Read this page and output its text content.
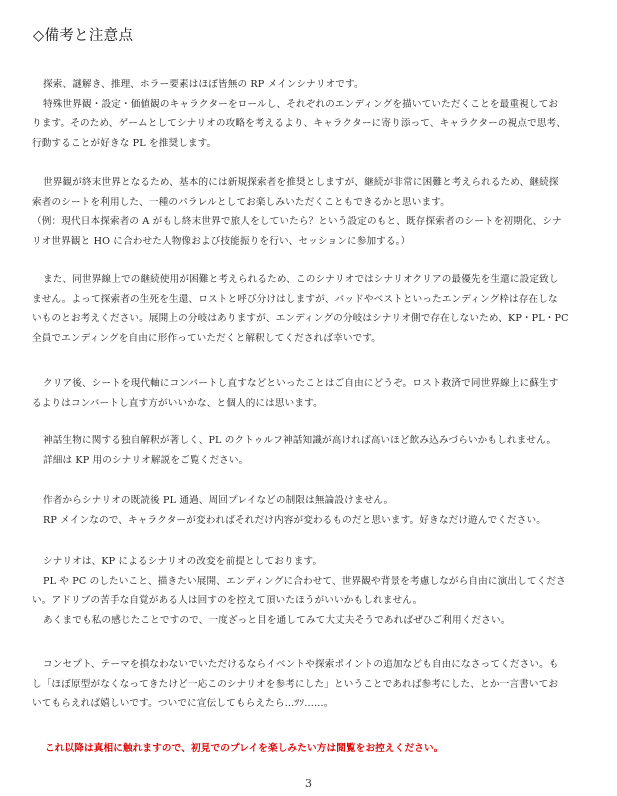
◇備考と注意点

探索、謎解き、推理、ホラー要素はほぼ皆無の RP メインシナリオです。

特殊世界観・設定・価値観のキャラクターをロールし、それぞれのエンディングを描いていただくことを最重視してお

ります。そのため、ゲームとしてシナリオの攻略を考えるより、キャラクターに寄り添って、キャラクターの視点で思考、

行動することが好きな PL を推奨します。

世界観が終末世界となるため、基本的には新規探索者を推奨としますが、継続が非常に困難と考えられるため、継続探

索者のシートを利用した、一種のパラレルとしてお楽しみいただくこともできるかと思います。

（例：現代日本探索者の A がもし終末世界で旅人をしていたら？という設定のもと、既存探索者のシートを初期化、シナ

リオ世界観と HO に合わせた人物像および技能振りを行い、セッションに参加する。）

また、同世界線上での継続使用が困難と考えられるため、このシナリオではシナリオクリアの最優先を生還に設定致し

ません。よって探索者の生死を生還、ロストと呼び分けはしますが、バッドやベストといったエンディング枠は存在しな

いものとお考えください。展開上の分岐はありますが、エンディングの分岐はシナリオ側で存在しないため、KP・PL・PC

全員でエンディングを自由に形作っていただくと解釈してくだされば幸いです。

クリア後、シートを現代軸にコンバートし直すなどといったことはご自由にどうぞ。ロスト救済で同世界線上に蘇生す

るよりはコンバートし直す方がいいかな、と個人的には思います。

神話生物に関する独自解釈が著しく、PL のクトゥルフ神話知識が高ければ高いほど飲み込みづらいかもしれません。

詳細は KP 用のシナリオ解説をご覧ください。

作者からシナリオの既読後 PL 通過、周回プレイなどの制限は無論設けません。

RP メインなので、キャラクターが変わればそれだけ内容が変わるものだと思います。好きなだけ遊んでください。

シナリオは、KP によるシナリオの改変を前提としております。

PL や PC のしたいこと、描きたい展開、エンディングに合わせて、世界観や背景を考慮しながら自由に演出してくださ

い。アドリブの苦手な自覚がある人は回すのを控えて頂いたほうがいいかもしれません。

あくまでも私の感じたことですので、一度ざっと目を通してみて大丈夫そうであればぜひご利用ください。

コンセプト、テーマを損なわないでいただけるならイベントや探索ポイントの追加なども自由になさってください。も

し「ほぼ原型がなくなってきたけど一応このシナリオを参考にした」ということであれば参考にした、とか一言書いてお

いてもらえれば嬉しいです。ついでに宣伝してもらえたら…ﾂｿ……。

これ以降は真相に触れますので、初見でのプレイを楽しみたい方は閲覧をお控えください。
3
